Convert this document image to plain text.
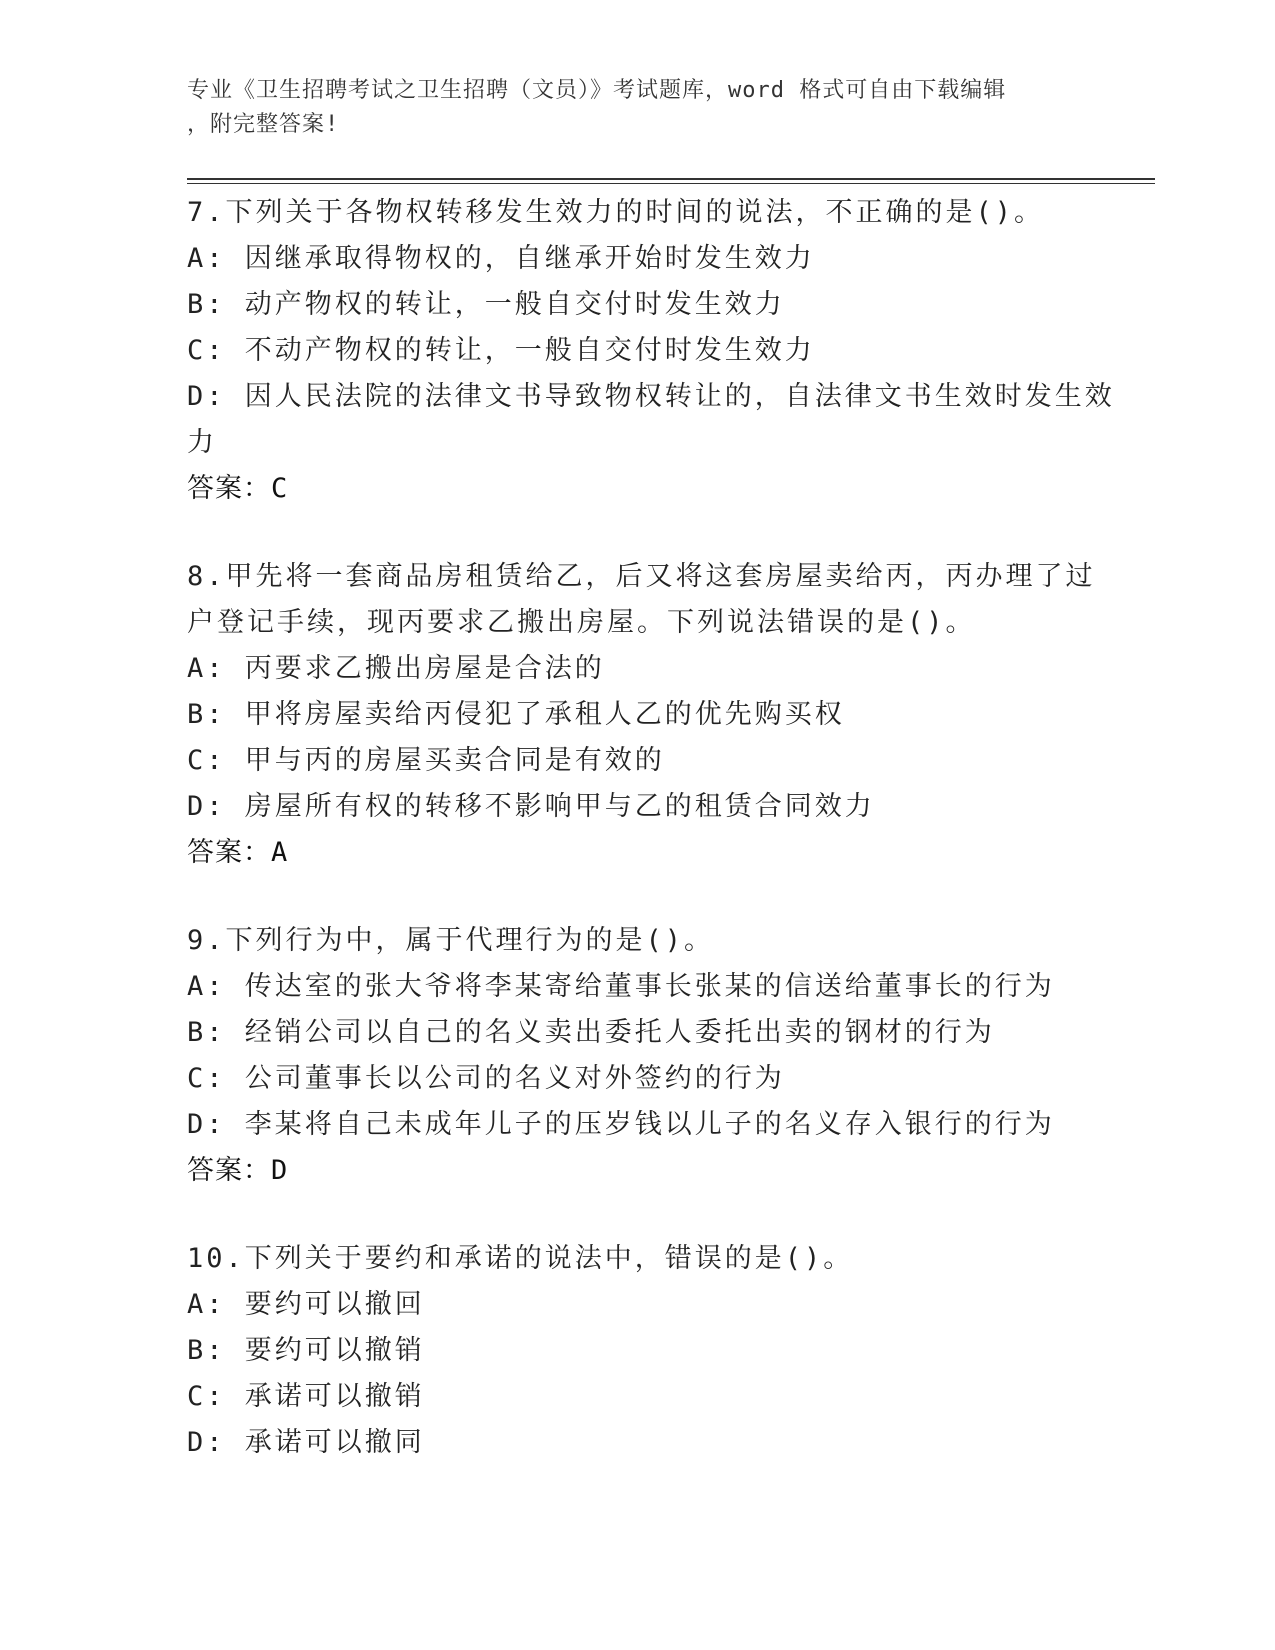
专业《卫生招聘考试之卫生招聘（文员）》考试题库，word 格式可自由下载编辑
，附完整答案!
7.下列关于各物权转移发生效力的时间的说法，不正确的是()。
A: 因继承取得物权的，自继承开始时发生效力
B: 动产物权的转让，一般自交付时发生效力
C: 不动产物权的转让，一般自交付时发生效力
D: 因人民法院的法律文书导致物权转让的，自法律文书生效时发生效
力
答案：C
8.甲先将一套商品房租赁给乙，后又将这套房屋卖给丙，丙办理了过
户登记手续，现丙要求乙搬出房屋。下列说法错误的是()。
A: 丙要求乙搬出房屋是合法的
B: 甲将房屋卖给丙侵犯了承租人乙的优先购买权
C: 甲与丙的房屋买卖合同是有效的
D: 房屋所有权的转移不影响甲与乙的租赁合同效力
答案：A
9.下列行为中，属于代理行为的是()。
A: 传达室的张大爷将李某寄给董事长张某的信送给董事长的行为
B: 经销公司以自己的名义卖出委托人委托出卖的钢材的行为
C: 公司董事长以公司的名义对外签约的行为
D: 李某将自己未成年儿子的压岁钱以儿子的名义存入银行的行为
答案：D
10.下列关于要约和承诺的说法中，错误的是()。
A: 要约可以撤回
B: 要约可以撤销
C: 承诺可以撤销
D: 承诺可以撤同
